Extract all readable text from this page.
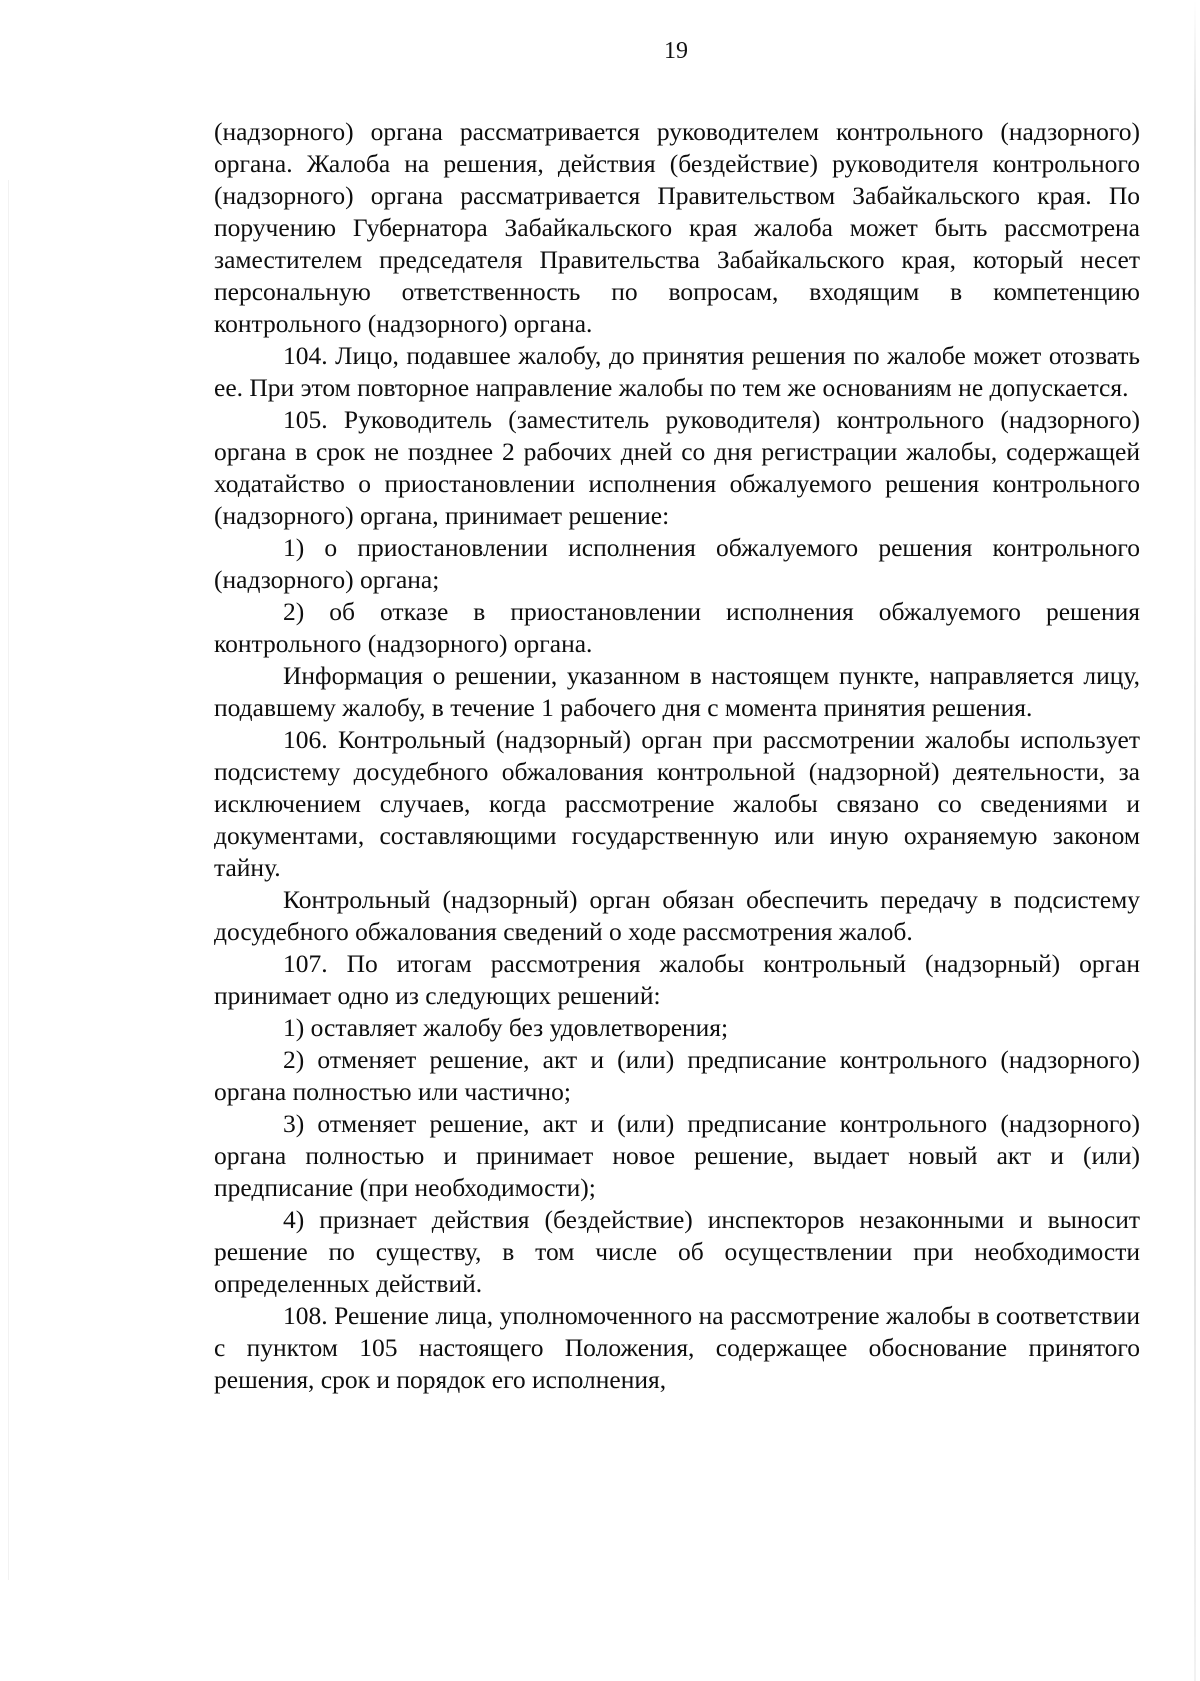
19

(надзорного) органа рассматривается руководителем контрольного (надзорного) органа. Жалоба на решения, действия (бездействие) руководителя контрольного (надзорного) органа рассматривается Правительством Забайкальского края. По поручению Губернатора Забайкальского края жалоба может быть рассмотрена заместителем председателя Правительства Забайкальского края, который несет персональную ответственность по вопросам, входящим в компетенцию контрольного (надзорного) органа.

104. Лицо, подавшее жалобу, до принятия решения по жалобе может отозвать ее. При этом повторное направление жалобы по тем же основаниям не допускается.

105. Руководитель (заместитель руководителя) контрольного (надзорного) органа в срок не позднее 2 рабочих дней со дня регистрации жалобы, содержащей ходатайство о приостановлении исполнения обжалуемого решения контрольного (надзорного) органа, принимает решение:

1) о приостановлении исполнения обжалуемого решения контрольного (надзорного) органа;

2) об отказе в приостановлении исполнения обжалуемого решения контрольного (надзорного) органа.

Информация о решении, указанном в настоящем пункте, направляется лицу, подавшему жалобу, в течение 1 рабочего дня с момента принятия решения.

106. Контрольный (надзорный) орган при рассмотрении жалобы использует подсистему досудебного обжалования контрольной (надзорной) деятельности, за исключением случаев, когда рассмотрение жалобы связано со сведениями и документами, составляющими государственную или иную охраняемую законом тайну.

Контрольный (надзорный) орган обязан обеспечить передачу в подсистему досудебного обжалования сведений о ходе рассмотрения жалоб.

107. По итогам рассмотрения жалобы контрольный (надзорный) орган принимает одно из следующих решений:

1) оставляет жалобу без удовлетворения;

2) отменяет решение, акт и (или) предписание контрольного (надзорного) органа полностью или частично;

3) отменяет решение, акт и (или) предписание контрольного (надзорного) органа полностью и принимает новое решение, выдает новый акт и (или) предписание (при необходимости);

4) признает действия (бездействие) инспекторов незаконными и выносит решение по существу, в том числе об осуществлении при необходимости определенных действий.

108. Решение лица, уполномоченного на рассмотрение жалобы в соответствии с пунктом 105 настоящего Положения, содержащее обоснование принятого решения, срок и порядок его исполнения,
